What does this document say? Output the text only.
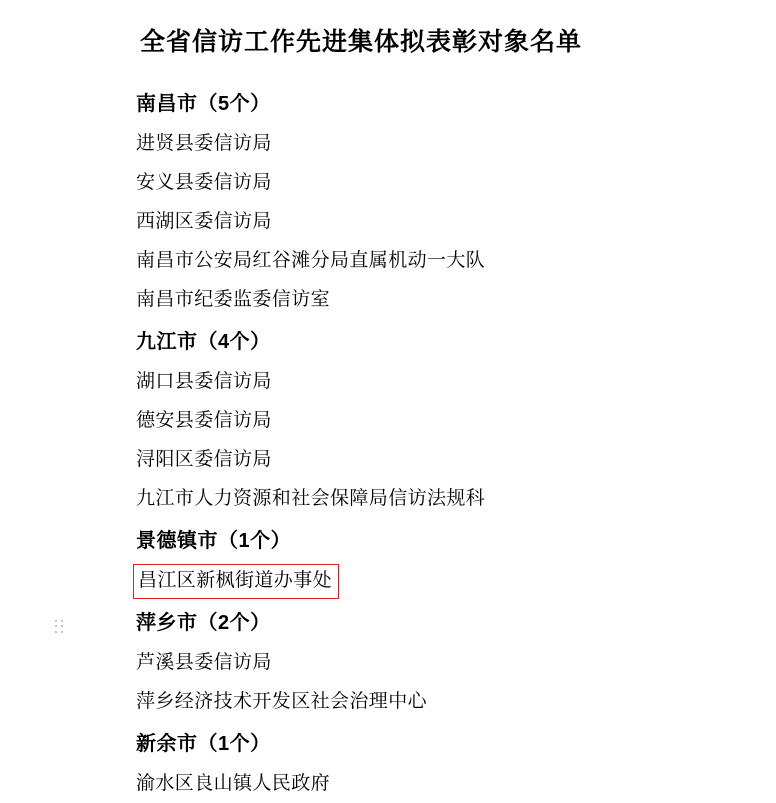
全省信访工作先进集体拟表彰对象名单
南昌市（5个）
进贤县委信访局
安义县委信访局
西湖区委信访局
南昌市公安局红谷滩分局直属机动一大队
南昌市纪委监委信访室
九江市（4个）
湖口县委信访局
德安县委信访局
浔阳区委信访局
九江市人力资源和社会保障局信访法规科
景德镇市（1个）
昌江区新枫街道办事处
萍乡市（2个）
芦溪县委信访局
萍乡经济技术开发区社会治理中心
新余市（1个）
渝水区良山镇人民政府
